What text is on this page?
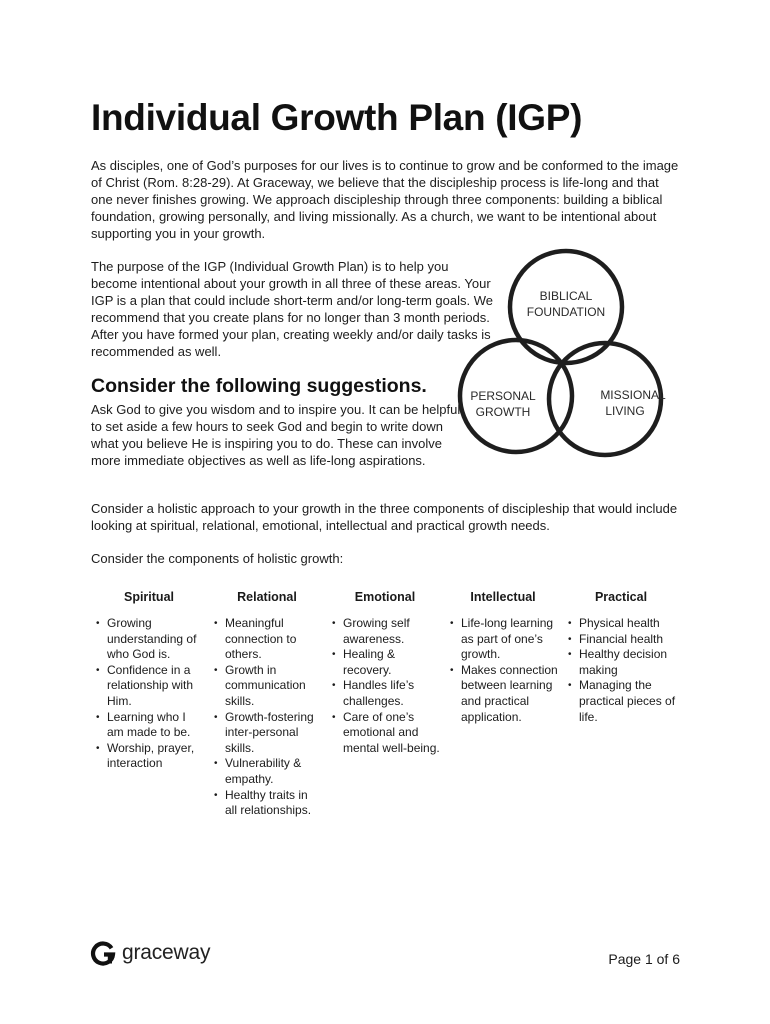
Individual Growth Plan (IGP)

As disciples, one of God’s purposes for our lives is to continue to grow and be conformed to the image of Christ (Rom. 8:28-29). At Graceway, we believe that the discipleship process is life-long and that one never finishes growing. We approach discipleship through three components: building a biblical foundation, growing personally, and living missionally. As a church, we want to be intentional about supporting you in your growth.

The purpose of the IGP (Individual Growth Plan) is to help you become intentional about your growth in all three of these areas. Your IGP is a plan that could include short-term and/or long-term goals. We recommend that you create plans for no longer than 3 month periods. After you have formed your plan, creating weekly and/or daily tasks is recommended as well.

BIBLICAL
FOUNDATION
PERSONAL
GROWTH
MISSIONAL
LIVING
Consider the following suggestions.

Ask God to give you wisdom and to inspire you. It can be helpful to set aside a few hours to seek God and begin to write down what you believe He is inspiring you to do. These can involve more immediate objectives as well as life-long aspirations.

Consider a holistic approach to your growth in the three components of discipleship that would include looking at spiritual, relational, emotional, intellectual and practical growth needs.

Consider the components of holistic growth:

Spiritual

• Growing understanding of who God is.
• Confidence in a relationship with Him.
• Learning who I am made to be.
• Worship, prayer, interaction

Relational

• Meaningful connection to others.
• Growth in communication skills.
• Growth-fostering inter-personal skills.
• Vulnerability & empathy.
• Healthy traits in all relationships.

Emotional

• Growing self awareness.
• Healing & recovery.
• Handles life’s challenges.
• Care of one’s emotional and mental well-being.

Intellectual

• Life-long learning as part of one’s growth.
• Makes connection between learning and practical application.

Practical

• Physical health
• Financial health
• Healthy decision making
• Managing the practical pieces of life.
graceway	Page 1 of 6
